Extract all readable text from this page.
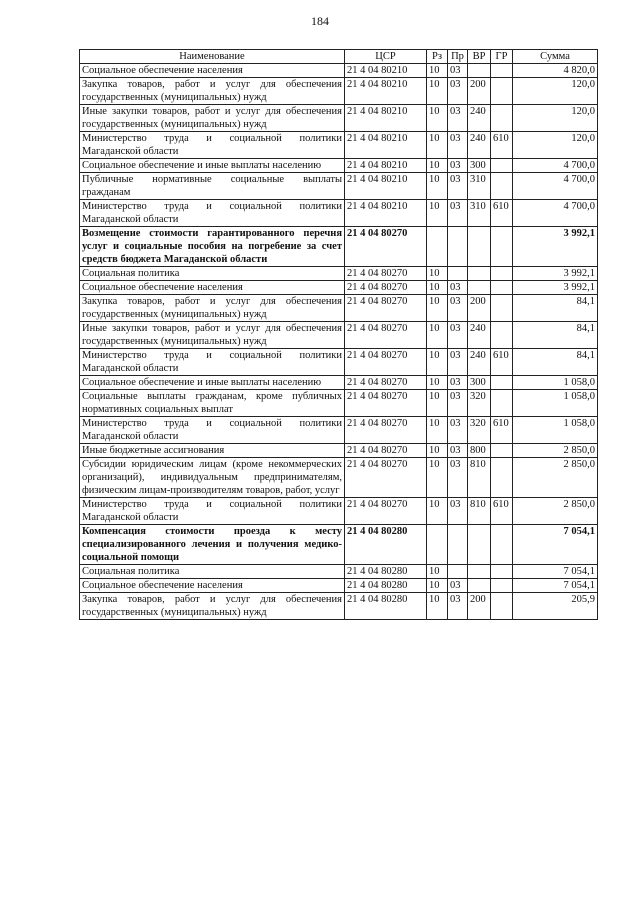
184
Наименование	ЦСР	Рз	Пр	ВР	ГР	Сумма
Социальное обеспечение населения	21 4 04 80210	10	03			4 820,0
Закупка товаров, работ и услуг для обеспечения государственных (муниципальных) нужд	21 4 04 80210	10	03	200		120,0
Иные закупки товаров, работ и услуг для обеспечения государственных (муниципальных) нужд	21 4 04 80210	10	03	240		120,0
Министерство труда и социальной политики Магаданской области	21 4 04 80210	10	03	240	610	120,0
Социальное обеспечение и иные выплаты населению	21 4 04 80210	10	03	300		4 700,0
Публичные нормативные социальные выплаты гражданам	21 4 04 80210	10	03	310		4 700,0
Министерство труда и социальной политики Магаданской области	21 4 04 80210	10	03	310	610	4 700,0
Возмещение стоимости гарантированного перечня услуг и социальные пособия на погребение за счет средств бюджета Магаданской области	21 4 04 80270					3 992,1
Социальная политика	21 4 04 80270	10				3 992,1
Социальное обеспечение населения	21 4 04 80270	10	03			3 992,1
Закупка товаров, работ и услуг для обеспечения государственных (муниципальных) нужд	21 4 04 80270	10	03	200		84,1
Иные закупки товаров, работ и услуг для обеспечения государственных (муниципальных) нужд	21 4 04 80270	10	03	240		84,1
Министерство труда и социальной политики Магаданской области	21 4 04 80270	10	03	240	610	84,1
Социальное обеспечение и иные выплаты населению	21 4 04 80270	10	03	300		1 058,0
Социальные выплаты гражданам, кроме публичных нормативных социальных выплат	21 4 04 80270	10	03	320		1 058,0
Министерство труда и социальной политики Магаданской области	21 4 04 80270	10	03	320	610	1 058,0
Иные бюджетные ассигнования	21 4 04 80270	10	03	800		2 850,0
Субсидии юридическим лицам (кроме некоммерческих организаций), индивидуальным предпринимателям, физическим лицам-производителям товаров, работ, услуг	21 4 04 80270	10	03	810		2 850,0
Министерство труда и социальной политики Магаданской области	21 4 04 80270	10	03	810	610	2 850,0
Компенсация стоимости проезда к месту специализированного лечения и получения медико-социальной помощи	21 4 04 80280					7 054,1
Социальная политика	21 4 04 80280	10				7 054,1
Социальное обеспечение населения	21 4 04 80280	10	03			7 054,1
Закупка товаров, работ и услуг для обеспечения государственных (муниципальных) нужд	21 4 04 80280	10	03	200		205,9
